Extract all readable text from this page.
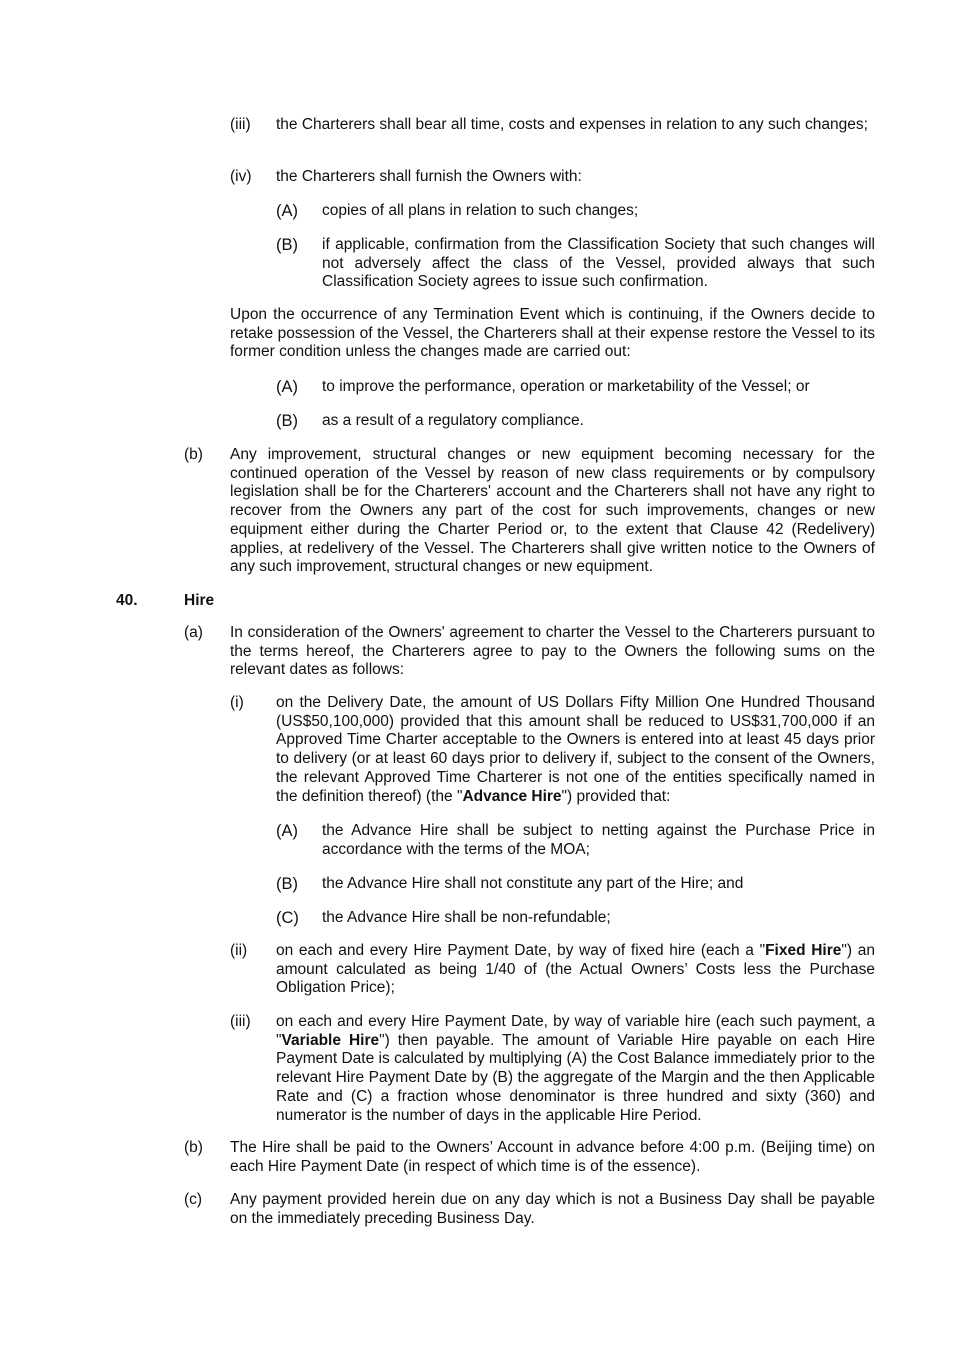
(iii) the Charterers shall bear all time, costs and expenses in relation to any such changes;
(iv) the Charterers shall furnish the Owners with:
(A) copies of all plans in relation to such changes;
(B) if applicable, confirmation from the Classification Society that such changes will not adversely affect the class of the Vessel, provided always that such Classification Society agrees to issue such confirmation.
Upon the occurrence of any Termination Event which is continuing, if the Owners decide to retake possession of the Vessel, the Charterers shall at their expense restore the Vessel to its former condition unless the changes made are carried out:
(A) to improve the performance, operation or marketability of the Vessel; or
(B) as a result of a regulatory compliance.
(b) Any improvement, structural changes or new equipment becoming necessary for the continued operation of the Vessel by reason of new class requirements or by compulsory legislation shall be for the Charterers' account and the Charterers shall not have any right to recover from the Owners any part of the cost for such improvements, changes or new equipment either during the Charter Period or, to the extent that Clause 42 (Redelivery) applies, at redelivery of the Vessel. The Charterers shall give written notice to the Owners of any such improvement, structural changes or new equipment.
40.	Hire
(a) In consideration of the Owners' agreement to charter the Vessel to the Charterers pursuant to the terms hereof, the Charterers agree to pay to the Owners the following sums on the relevant dates as follows:
(i) on the Delivery Date, the amount of US Dollars Fifty Million One Hundred Thousand (US$50,100,000) provided that this amount shall be reduced to US$31,700,000 if an Approved Time Charter acceptable to the Owners is entered into at least 45 days prior to delivery (or at least 60 days prior to delivery if, subject to the consent of the Owners, the relevant Approved Time Charterer is not one of the entities specifically named in the definition thereof) (the "Advance Hire") provided that:
(A) the Advance Hire shall be subject to netting against the Purchase Price in accordance with the terms of the MOA;
(B) the Advance Hire shall not constitute any part of the Hire; and
(C) the Advance Hire shall be non-refundable;
(ii) on each and every Hire Payment Date, by way of fixed hire (each a "Fixed Hire") an amount calculated as being 1/40 of (the Actual Owners’ Costs less the Purchase Obligation Price);
(iii) on each and every Hire Payment Date, by way of variable hire (each such payment, a "Variable Hire") then payable. The amount of Variable Hire payable on each Hire Payment Date is calculated by multiplying (A) the Cost Balance immediately prior to the relevant Hire Payment Date by (B) the aggregate of the Margin and the then Applicable Rate and (C) a fraction whose denominator is three hundred and sixty (360) and numerator is the number of days in the applicable Hire Period.
(b) The Hire shall be paid to the Owners’ Account in advance before 4:00 p.m. (Beijing time) on each Hire Payment Date (in respect of which time is of the essence).
(c) Any payment provided herein due on any day which is not a Business Day shall be payable on the immediately preceding Business Day.
